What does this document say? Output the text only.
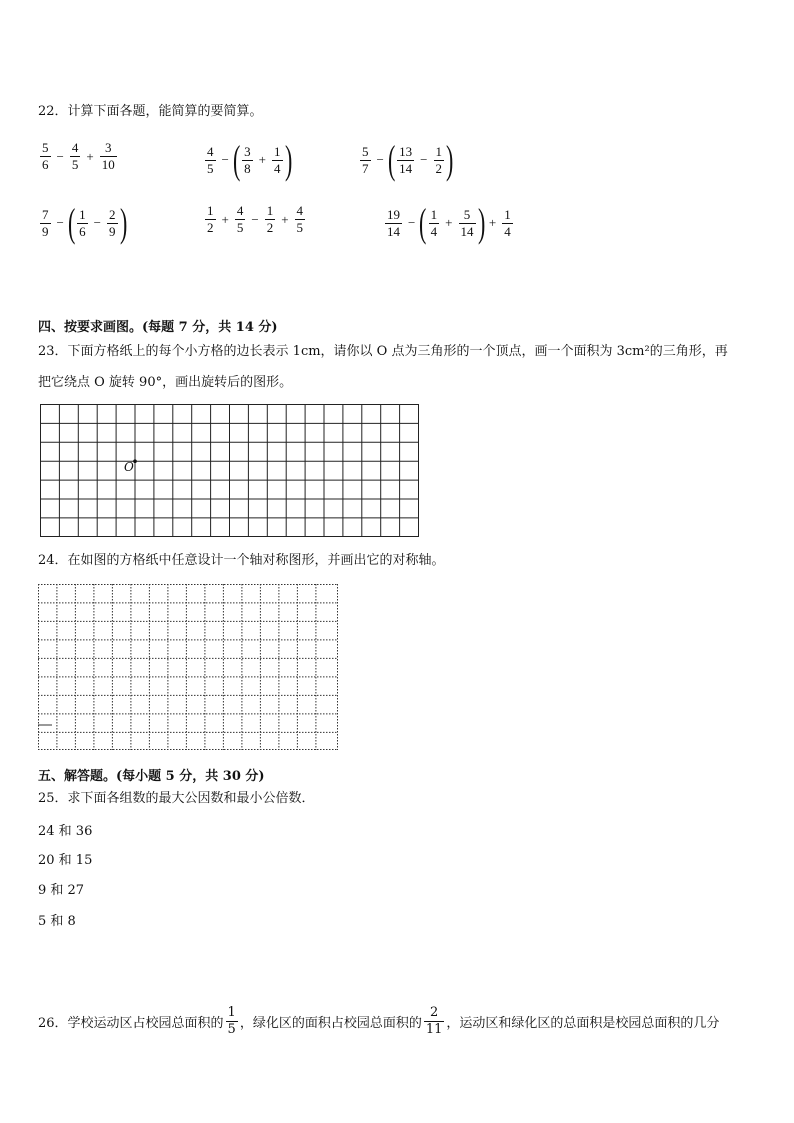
22．计算下面各题，能简算的要简算。
$\frac{5}{6} - \frac{4}{5} + \frac{3}{10}$	$\frac{4}{5}$ − ( $\frac{3}{8} + \frac{1}{4}$ )	$\frac{5}{7}$ − ( $\frac{13}{14} - \frac{1}{2}$ )
$\frac{7}{9}$ − ( $\frac{1}{6} - \frac{2}{9}$ )	$\frac{1}{2} + \frac{4}{5} - \frac{1}{2} + \frac{4}{5}$	$\frac{19}{14}$ − ( $\frac{1}{4} + \frac{5}{14}$ ) + $\frac{1}{4}$
四、按要求画图。(每题 7 分，共 14 分)
23．下面方格纸上的每个小方格的边长表示 1cm，请你以 O 点为三角形的一个顶点，画一个面积为 3cm²的三角形，再
把它绕点 O 旋转 90°，画出旋转后的图形。
O
24．在如图的方格纸中任意设计一个轴对称图形，并画出它的对称轴。
五、解答题。(每小题 5 分，共 30 分)
25．求下面各组数的最大公因数和最小公倍数．
24 和 36
20 和 15
9 和 27
5 和 8
26．学校运动区占校园总面积的 $\frac{1}{5}$ ，绿化区的面积占校园总面积的 $\frac{2}{11}$ ，运动区和绿化区的总面积是校园总面积的几分
